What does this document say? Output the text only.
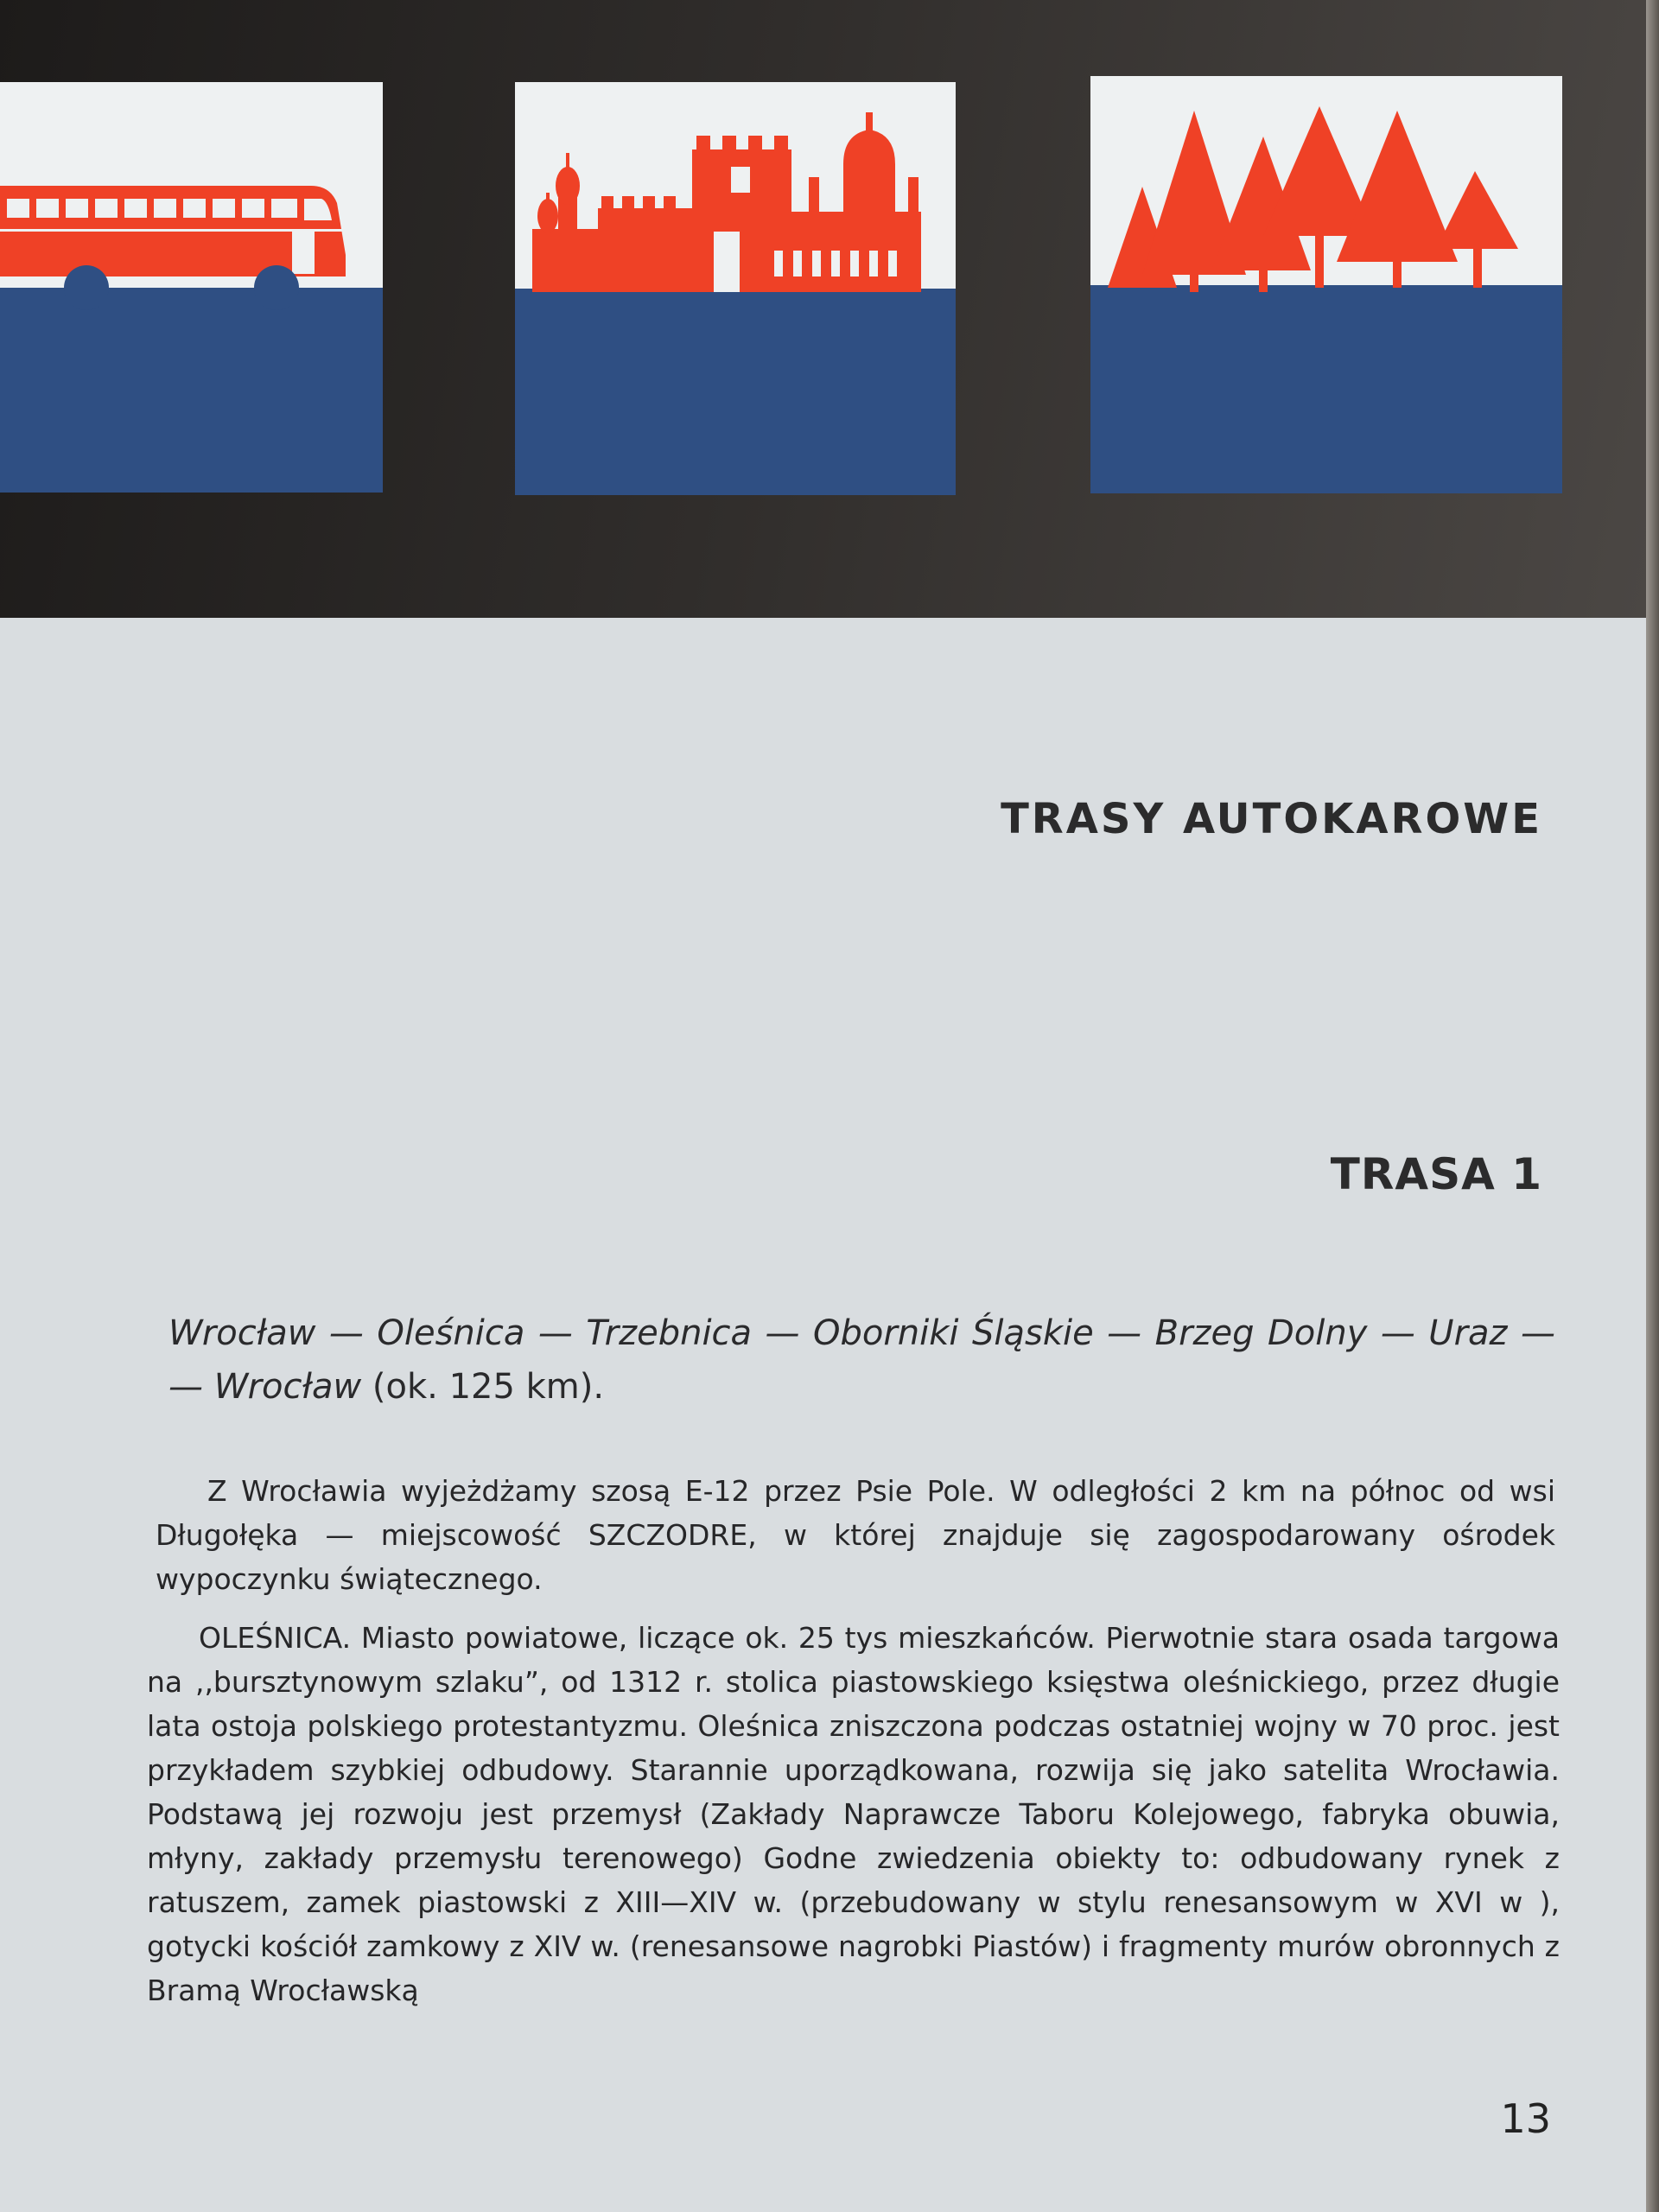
TRASY AUTOKAROWE
TRASA 1

Wrocław — Oleśnica — Trzebnica — Oborniki Śląskie — Brzeg Dolny — Uraz — — Wrocław (ok. 125 km).

Z Wrocławia wyjeżdżamy szosą E-12 przez Psie Pole. W odległości 2 km na północ od wsi Długołęka — miejscowość SZCZODRE, w której znajduje się zagospodarowany ośrodek wypoczynku świątecznego.

OLEŚNICA. Miasto powiatowe, liczące ok. 25 tys mieszkańców. Pierwotnie stara osada targowa na ,,bursztynowym szlaku”, od 1312 r. stolica piastowskiego księstwa oleśnickiego, przez długie lata ostoja polskiego protestantyzmu. Oleśnica zniszczona podczas ostatniej wojny w 70 proc. jest przykładem szybkiej odbudowy. Starannie uporządkowana, rozwija się jako satelita Wrocławia. Podstawą jej rozwoju jest przemysł (Zakłady Naprawcze Taboru Kolejowego, fabryka obuwia, młyny, zakłady przemysłu terenowego) Godne zwiedzenia obiekty to: odbudowany rynek z ratuszem, zamek piastowski z XIII—XIV w. (przebudowany w stylu renesansowym w XVI w ), gotycki kościół zamkowy z XIV w. (renesansowe nagrobki Piastów) i fragmenty murów obronnych z Bramą Wrocławską

13
